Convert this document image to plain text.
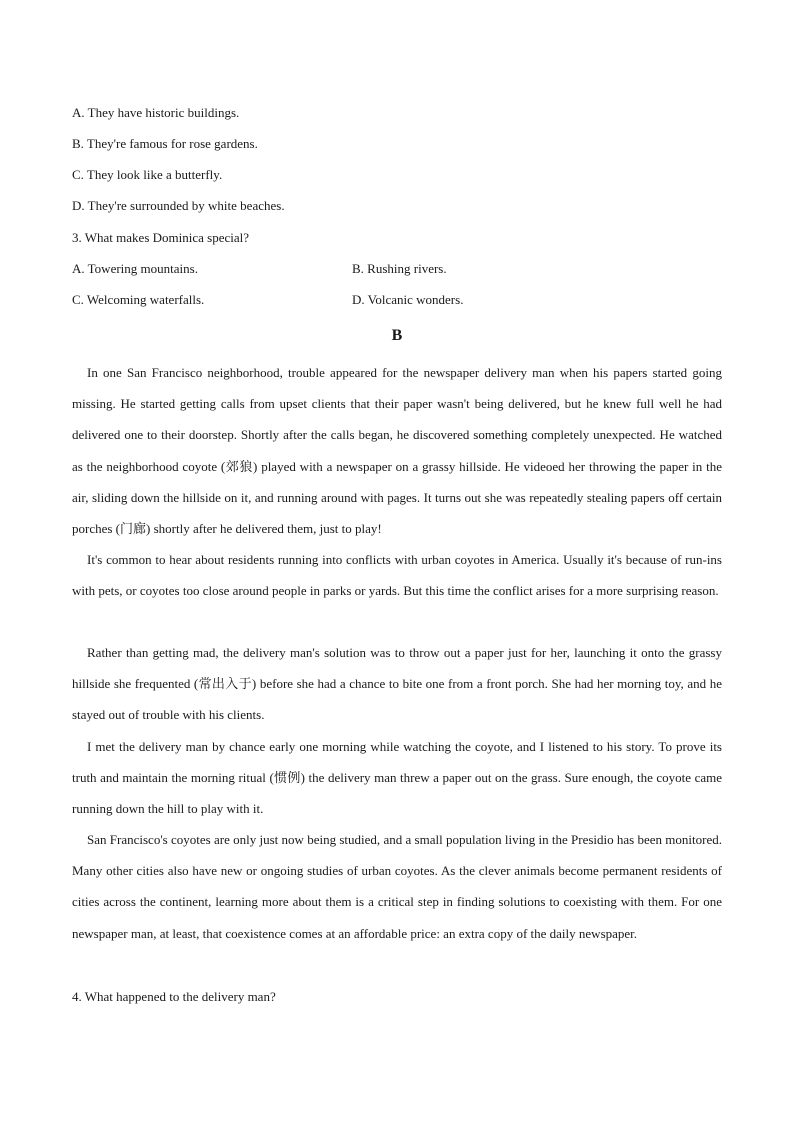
A. They have historic buildings.
B. They're famous for rose gardens.
C. They look like a butterfly.
D. They're surrounded by white beaches.
3. What makes Dominica special?
A. Towering mountains.	B. Rushing rivers.
C. Welcoming waterfalls.	D. Volcanic wonders.
B

In one San Francisco neighborhood, trouble appeared for the newspaper delivery man when his papers started going missing. He started getting calls from upset clients that their paper wasn't being delivered, but he knew full well he had delivered one to their doorstep. Shortly after the calls began, he discovered something completely unexpected. He watched as the neighborhood coyote (郊狼) played with a newspaper on a grassy hillside. He videoed her throwing the paper in the air, sliding down the hillside on it, and running around with pages. It turns out she was repeatedly stealing papers off certain porches (门廊) shortly after he delivered them, just to play!

It's common to hear about residents running into conflicts with urban coyotes in America. Usually it's because of run-ins with pets, or coyotes too close around people in parks or yards. But this time the conflict arises for a more surprising reason.

Rather than getting mad, the delivery man's solution was to throw out a paper just for her, launching it onto the grassy hillside she frequented (常出入于) before she had a chance to bite one from a front porch. She had her morning toy, and he stayed out of trouble with his clients.

I met the delivery man by chance early one morning while watching the coyote, and I listened to his story. To prove its truth and maintain the morning ritual (惯例) the delivery man threw a paper out on the grass. Sure enough, the coyote came running down the hill to play with it.

San Francisco's coyotes are only just now being studied, and a small population living in the Presidio has been monitored. Many other cities also have new or ongoing studies of urban coyotes. As the clever animals become permanent residents of cities across the continent, learning more about them is a critical step in finding solutions to coexisting with them. For one newspaper man, at least, that coexistence comes at an affordable price: an extra copy of the daily newspaper.

4. What happened to the delivery man?
